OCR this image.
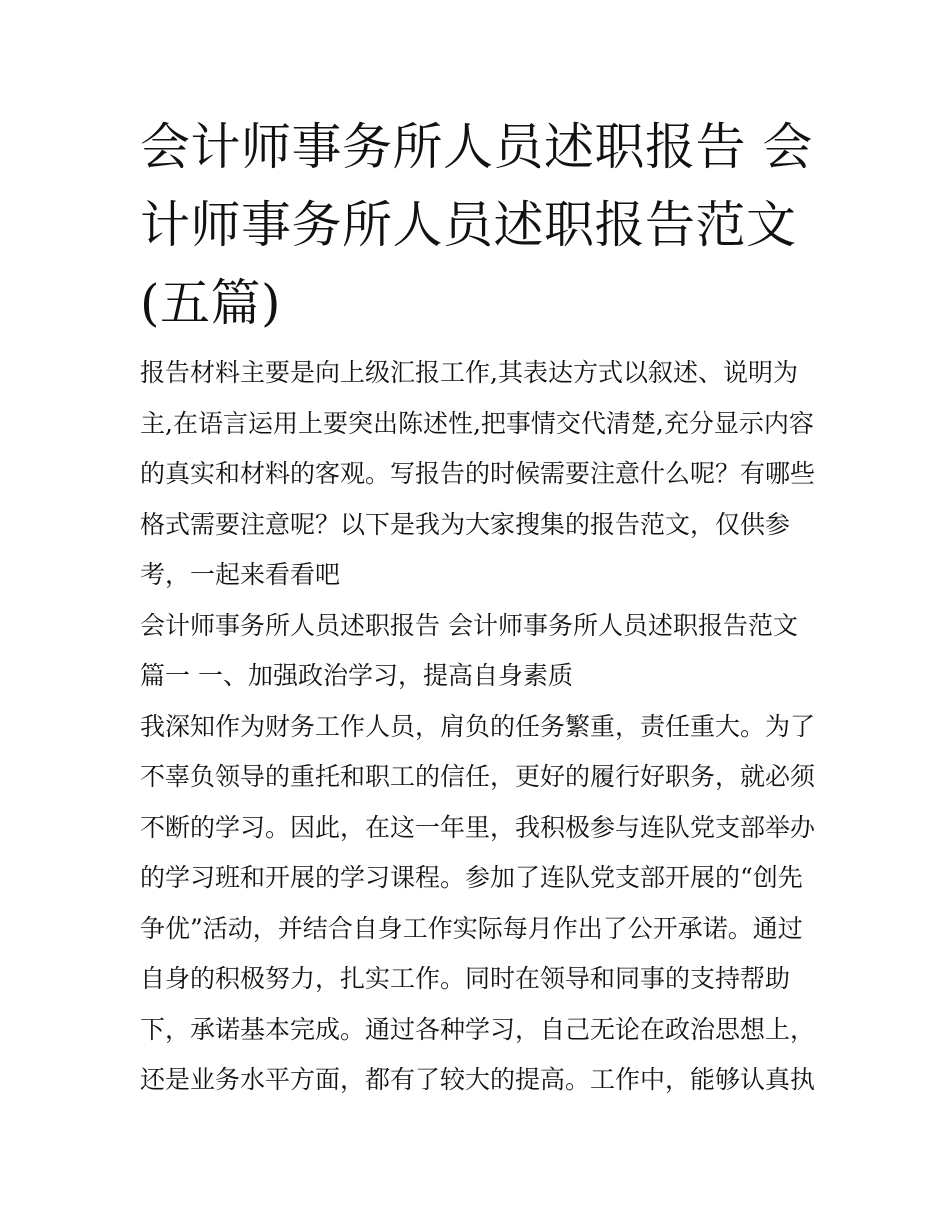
会计师事务所人员述职报告 会
计师事务所人员述职报告范文
(五篇)
报告材料主要是向上级汇报工作,其表达方式以叙述、说明为
主,在语言运用上要突出陈述性,把事情交代清楚,充分显示内容
的真实和材料的客观。写报告的时候需要注意什么呢？有哪些
格式需要注意呢？以下是我为大家搜集的报告范文，仅供参
考，一起来看看吧
会计师事务所人员述职报告 会计师事务所人员述职报告范文
篇一 一、加强政治学习，提高自身素质
我深知作为财务工作人员，肩负的任务繁重，责任重大。为了
不辜负领导的重托和职工的信任，更好的履行好职务，就必须
不断的学习。因此，在这一年里，我积极参与连队党支部举办
的学习班和开展的学习课程。参加了连队党支部开展的“创先
争优”活动，并结合自身工作实际每月作出了公开承诺。通过
自身的积极努力，扎实工作。同时在领导和同事的支持帮助
下，承诺基本完成。通过各种学习，自己无论在政治思想上，
还是业务水平方面，都有了较大的提高。工作中，能够认真执
